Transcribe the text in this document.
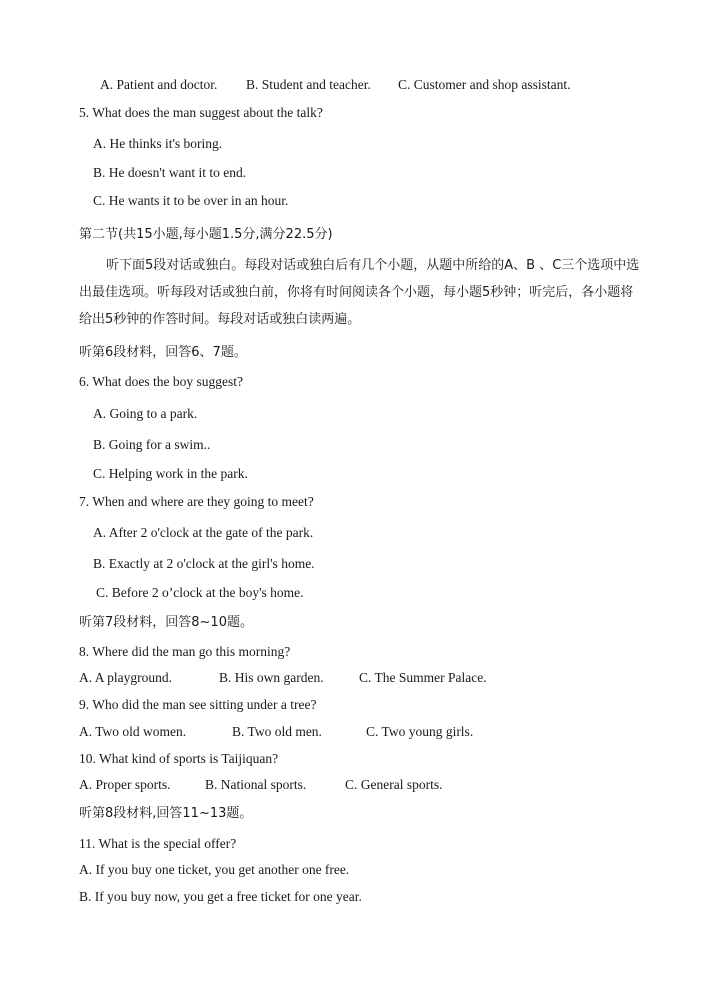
A. Patient and doctor. B. Student and teacher. C. Customer and shop assistant.
5. What does the man suggest about the talk?
A. He thinks it's boring.
B. He doesn't want it to end.
C. He wants it to be over in an hour.
第二节(共15小题,每小题1.5分,满分22.5分)
听下面5段对话或独白。每段对话或独白后有几个小题，从题中所给的A、B 、C三个选项中选出最佳选项。听每段对话或独白前，你将有时间阅读各个小题，每小题5秒钟；听完后，各小题将给出5秒钟的作答时间。每段对话或独白读两遍。
听第6段材料，回答6、7题。
6. What does the boy suggest?
A. Going to a park.
B. Going for a swim..
C. Helping work in the park.
7. When and where are they going to meet?
A. After 2 o'clock at the gate of the park.
B. Exactly at 2 o'clock at the girl's home.
C. Before 2 o’clock at the boy's home.
听第7段材料，回答8~10题。
8. Where did the man go this morning?
A. A playground.	B. His own garden.	C. The Summer Palace.
9. Who did the man see sitting under a tree?
A. Two old women.	B. Two old men.	C. Two young girls.
10. What kind of sports is Taijiquan?
A. Proper sports.	B. National sports.	C. General sports.
听第8段材料,回答11~13题。
11. What is the special offer?
A. If you buy one ticket, you get another one free.
B. If you buy now, you get a free ticket for one year.
